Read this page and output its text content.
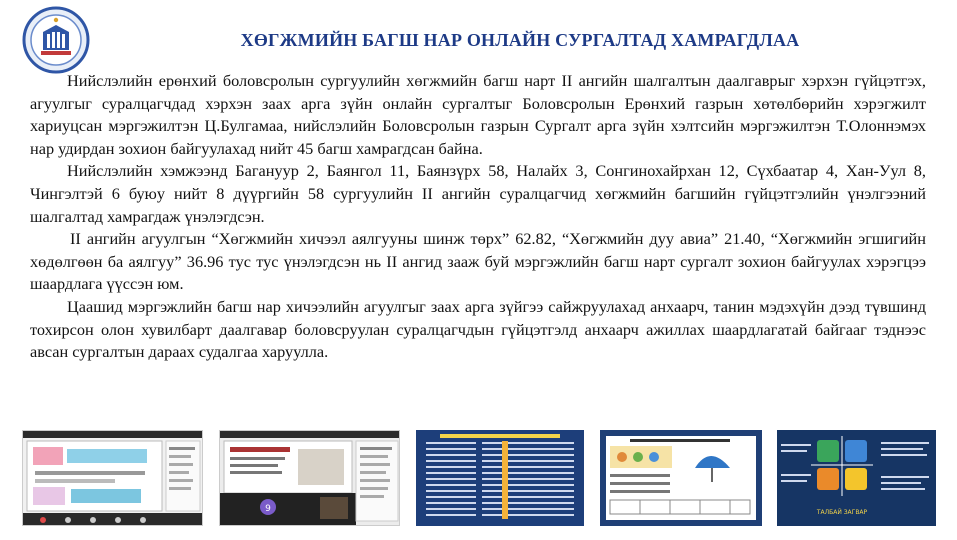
ХӨГЖМИЙН БАГШ НАР ОНЛАЙН СУРГАЛТАД ХАМРАГДЛАА

Нийслэлийн ерөнхий боловсролын сургуулийн хөгжмийн багш нарт II ангийн шалгалтын даалгаврыг хэрхэн гүйцэтгэх, агуулгыг суралцагчдад хэрхэн заах арга зүйн онлайн сургалтыг Боловсролын Ерөнхий газрын хөтөлбөрийн хэрэгжилт хариуцсан мэргэжилтэн Ц.Булгамаа, нийслэлийн Боловсролын газрын Сургалт арга зүйн хэлтсийн мэргэжилтэн Т.Олоннэмэх нар удирдан зохион байгуулахад нийт 45 багш хамрагдсан байна.

Нийслэлийн хэмжээнд Багануур 2, Баянгол 11, Баянзүрх 58, Налайх 3, Сонгинохайрхан 12, Сүхбаатар 4, Хан-Уул 8, Чингэлтэй 6 буюу нийт 8 дүүргийн 58 сургуулийн II ангийн суралцагчид хөгжмийн багшийн гүйцэтгэлийн үнэлгээний шалгалтад хамрагдаж үнэлэгдсэн.

II ангийн агуулгын “Хөгжмийн хичээл аялгууны шинж төрх” 62.82, “Хөгжмийн дуу авиа” 21.40, “Хөгжмийн эгшигийн хөдөлгөөн ба аялгуу” 36.96 тус тус үнэлэгдсэн нь II ангид зааж буй мэргэжлийн багш нарт сургалт зохион байгуулах хэрэгцээ шаардлага үүссэн юм.

Цаашид мэргэжлийн багш нар хичээлийн агуулгыг заах арга зүйгээ сайжруулахад анхаарч, танин мэдэхүйн дээд түвшинд тохирсон олон хувилбарт даалгавар боловсруулан суралцагчдын гүйцэтгэлд анхаарч ажиллах шаардлагатай байгааг тэднээс авсан сургалтын дараах судалгаа харуулла.

9	ТАЛБАЙ ЗАГВАР
